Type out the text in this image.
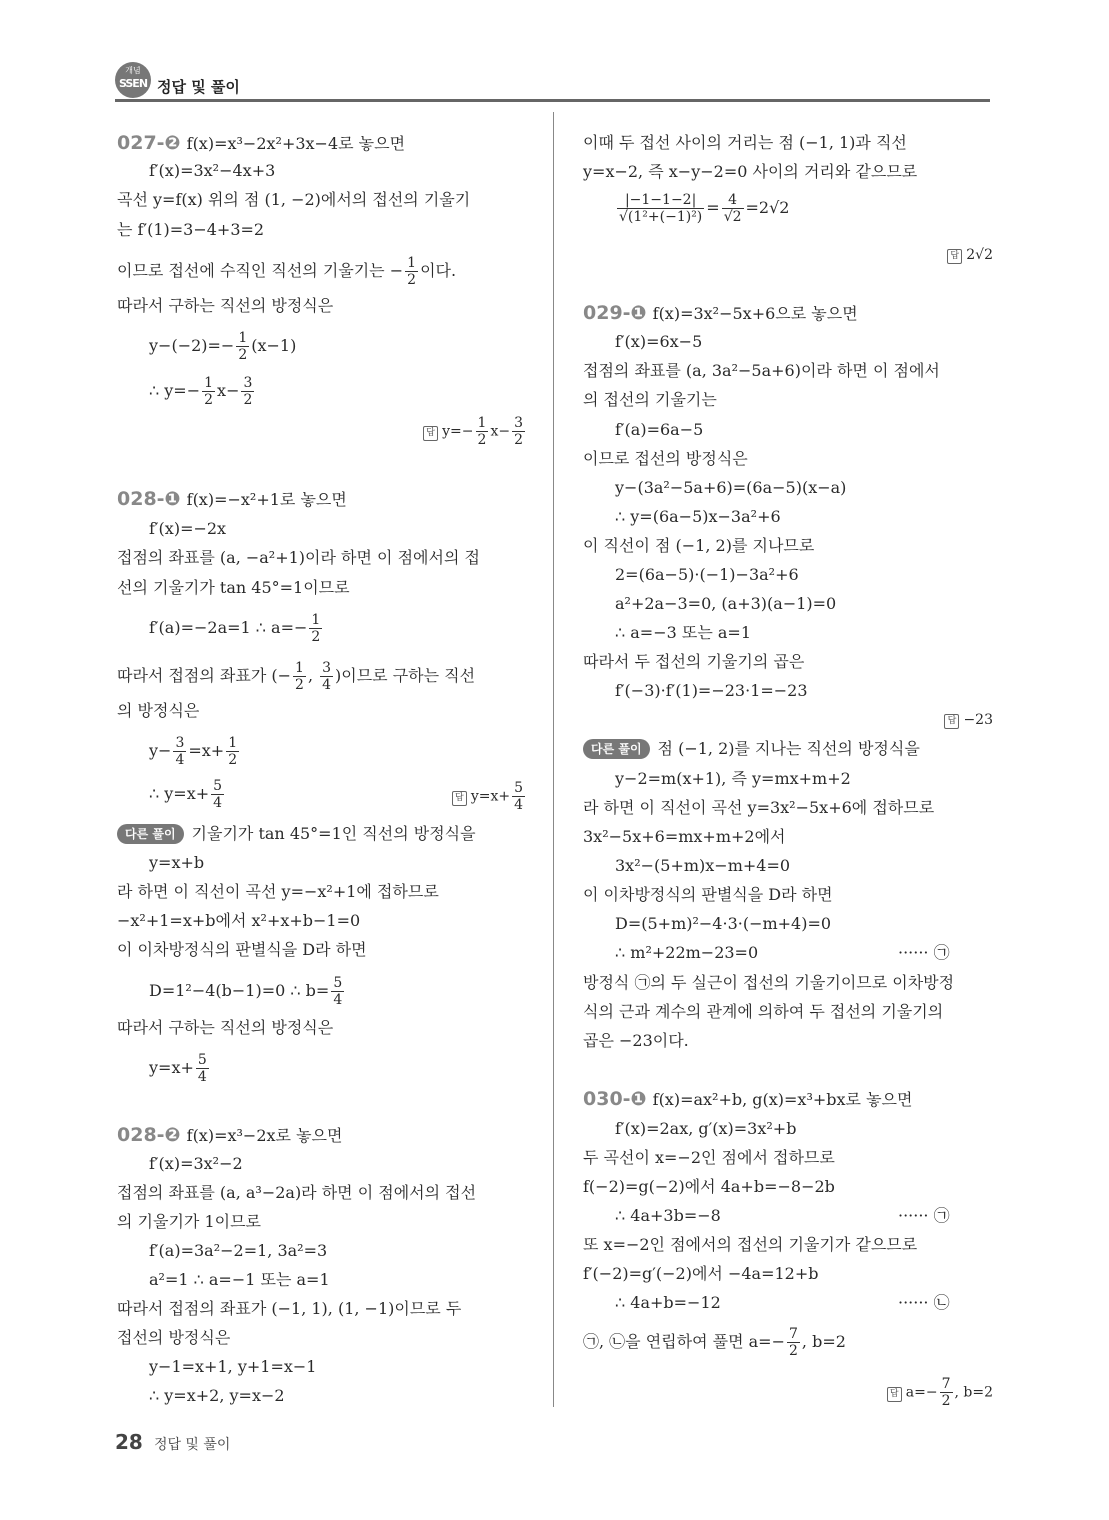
개념
SSEN 정답 및 풀이
027-❷ f(x)=x³−2x²+3x−4로 놓으면
f′(x)=3x²−4x+3
곡선 y=f(x) 위의 점 (1, −2)에서의 접선의 기울기
는 f′(1)=3−4+3=2
이므로 접선에 수직인 직선의 기울기는 − $\frac{1}{2}$ 이다.
따라서 구하는 직선의 방정식은
$y-(-2)=- \frac{1}{2} (x-1)$
∴ $y=- \frac{1}{2} x- \frac{3}{2}$
답 $y=- \frac{1}{2} x- \frac{3}{2}$
028-❶ f(x)=−x²+1로 놓으면
f′(x)=−2x
접점의 좌표를 (a, −a²+1)이라 하면 이 점에서의 접
선의 기울기가 tan 45°=1이므로
f′(a)=−2a=1 ∴ $a=- \frac{1}{2}$
따라서 접점의 좌표가 (− $\frac{1}{2}$ , $\frac{3}{4}$ )이므로 구하는 직선
의 방정식은
$y- \frac{3}{4} =x+ \frac{1}{2}$
∴ $y=x+ \frac{5}{4}$	답 $y=x+ \frac{5}{4}$
다른 풀이 기울기가 tan 45°=1인 직선의 방정식을
y=x+b
라 하면 이 직선이 곡선 y=−x²+1에 접하므로
−x²+1=x+b에서 x²+x+b−1=0
이 이차방정식의 판별식을 D라 하면
D=1²−4(b−1)=0 ∴ $b= \frac{5}{4}$
따라서 구하는 직선의 방정식은
$y=x+ \frac{5}{4}$
028-❷ f(x)=x³−2x로 놓으면
f′(x)=3x²−2
접점의 좌표를 (a, a³−2a)라 하면 이 점에서의 접선
의 기울기가 1이므로
f′(a)=3a²−2=1, 3a²=3
a²=1 ∴ a=−1 또는 a=1
따라서 접점의 좌표가 (−1, 1), (1, −1)이므로 두
접선의 방정식은
y−1=x+1, y+1=x−1
∴ y=x+2, y=x−2
이때 두 접선 사이의 거리는 점 (−1, 1)과 직선
y=x−2, 즉 x−y−2=0 사이의 거리와 같으므로
$\frac{|-1-1-2|}{\text{√(1²+(−1)²)}} = \frac{4}{√2} =2√2$
답 2√2
029-❶ f(x)=3x²−5x+6으로 놓으면
f′(x)=6x−5
접점의 좌표를 (a, 3a²−5a+6)이라 하면 이 점에서
의 접선의 기울기는
f′(a)=6a−5
이므로 접선의 방정식은
y−(3a²−5a+6)=(6a−5)(x−a)
∴ y=(6a−5)x−3a²+6
이 직선이 점 (−1, 2)를 지나므로
2=(6a−5)·(−1)−3a²+6
a²+2a−3=0, (a+3)(a−1)=0
∴ a=−3 또는 a=1
따라서 두 접선의 기울기의 곱은
f′(−3)·f′(1)=−23·1=−23
답 −23
다른 풀이 점 (−1, 2)를 지나는 직선의 방정식을
y−2=m(x+1), 즉 y=mx+m+2
라 하면 이 직선이 곡선 y=3x²−5x+6에 접하므로
3x²−5x+6=mx+m+2에서
3x²−(5+m)x−m+4=0
이 이차방정식의 판별식을 D라 하면
D=(5+m)²−4·3·(−m+4)=0
∴ m²+22m−23=0	······ ㉠
방정식 ㉠의 두 실근이 접선의 기울기이므로 이차방정
식의 근과 계수의 관계에 의하여 두 접선의 기울기의
곱은 −23이다.
030-❶ f(x)=ax²+b, g(x)=x³+bx로 놓으면
f′(x)=2ax, g′(x)=3x²+b
두 곡선이 x=−2인 점에서 접하므로
f(−2)=g(−2)에서 4a+b=−8−2b
∴ 4a+3b=−8	······ ㉠
또 x=−2인 점에서의 접선의 기울기가 같으므로
f′(−2)=g′(−2)에서 −4a=12+b
∴ 4a+b=−12	······ ㉡
㉠, ㉡을 연립하여 풀면 $a=- \frac{7}{2}$ , b=2
답 $a=- \frac{7}{2}$ , b=2
28 정답 및 풀이
